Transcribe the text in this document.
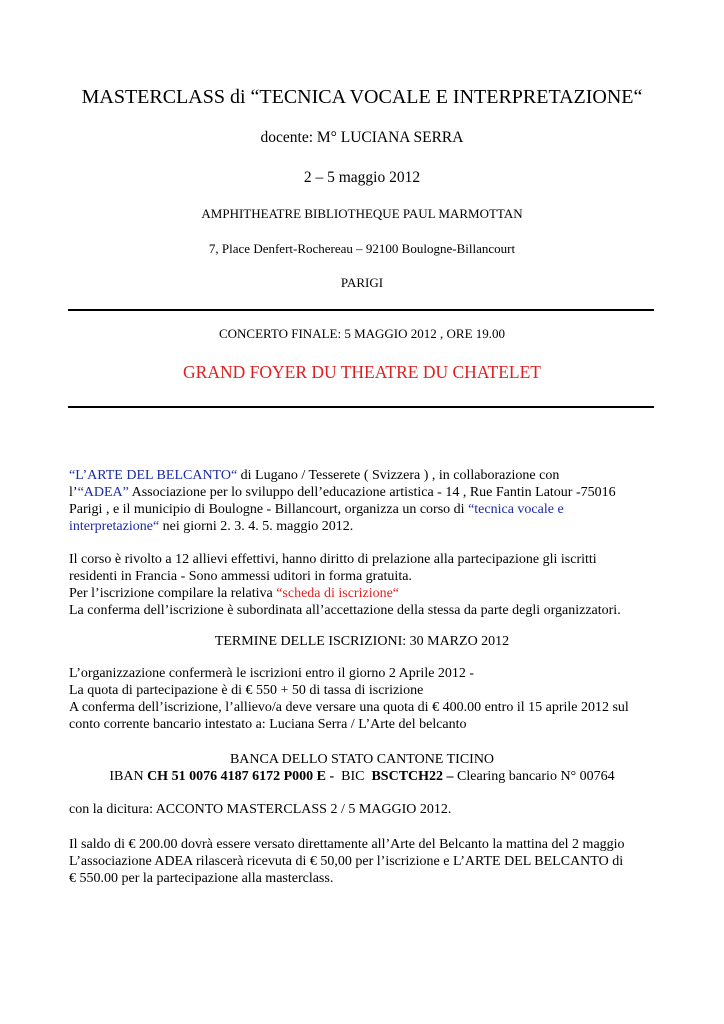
MASTERCLASS di “TECNICA VOCALE E INTERPRETAZIONE“
docente: M° LUCIANA SERRA
2 – 5 maggio 2012
AMPHITHEATRE BIBLIOTHEQUE PAUL MARMOTTAN
7, Place Denfert-Rochereau – 92100 Boulogne-Billancourt
PARIGI
CONCERTO FINALE: 5 MAGGIO 2012 , ORE 19.00
GRAND FOYER DU THEATRE DU CHATELET
“L’ARTE DEL BELCANTO“ di Lugano / Tesserete ( Svizzera ) , in collaborazione con
l’“ADEA” Associazione per lo sviluppo dell’educazione artistica - 14 , Rue Fantin Latour -75016
Parigi , e il municipio di Boulogne - Billancourt, organizza un corso di “tecnica vocale e
interpretazione“ nei giorni 2. 3. 4. 5. maggio 2012.
Il corso è rivolto a 12 allievi effettivi, hanno diritto di prelazione alla partecipazione gli iscritti
residenti in Francia - Sono ammessi uditori in forma gratuita.
Per l’iscrizione compilare la relativa “scheda di iscrizione“
La conferma dell’iscrizione è subordinata all’accettazione della stessa da parte degli organizzatori.
TERMINE DELLE ISCRIZIONI: 30 MARZO 2012
L’organizzazione confermerà le iscrizioni entro il giorno 2 Aprile 2012 -
La quota di partecipazione è di € 550 + 50 di tassa di iscrizione
A conferma dell’iscrizione, l’allievo/a deve versare una quota di € 400.00 entro il 15 aprile 2012 sul
conto corrente bancario intestato a: Luciana Serra / L’Arte del belcanto
BANCA DELLO STATO CANTONE TICINO
IBAN CH 51 0076 4187 6172 P000 E -  BIC  BSCTCH22 – Clearing bancario N° 00764
con la dicitura: ACCONTO MASTERCLASS 2 / 5 MAGGIO 2012.
Il saldo di € 200.00 dovrà essere versato direttamente all’Arte del Belcanto la mattina del 2 maggio
L’associazione ADEA rilascerà ricevuta di € 50,00 per l’iscrizione e L’ARTE DEL BELCANTO di
€ 550.00 per la partecipazione alla masterclass.
